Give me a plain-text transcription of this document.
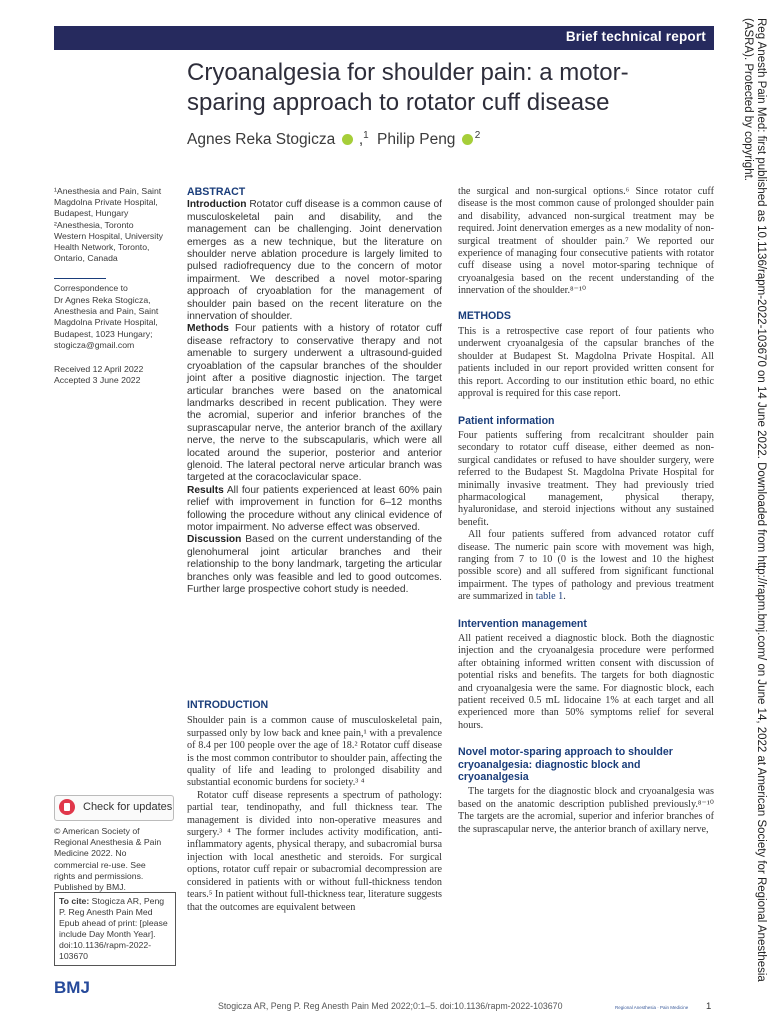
Brief technical report
Cryoanalgesia for shoulder pain: a motor-sparing approach to rotator cuff disease
Agnes Reka Stogicza  ,$^1$ Philip Peng $^2$	Reg Anesth Pain Med: first published as 10.1136/rapm-2022-103670 on 14 June 2022. Downloaded from http://rapm.bmj.com/ on June 14, 2022 at American Society for Regional Anesthesia (ASRA). Protected by copyright.
¹Anesthesia and Pain, Saint Magdolna Private Hospital, Budapest, Hungary
²Anesthesia, Toronto Western Hospital, University Health Network, Toronto, Ontario, Canada
Correspondence to
Dr Agnes Reka Stogicza, Anesthesia and Pain, Saint Magdolna Private Hospital, Budapest, 1023 Hungary; stogicza@gmail.com
Received 12 April 2022
Accepted 3 June 2022
Check for updates
© American Society of Regional Anesthesia & Pain Medicine 2022. No commercial re-use. See rights and permissions. Published by BMJ.
To cite: Stogicza AR, Peng P. Reg Anesth Pain Med Epub ahead of print: [please include Day Month Year]. doi:10.1136/rapm-2022-103670
ABSTRACT

Introduction Rotator cuff disease is a common cause of musculoskeletal pain and disability, and the management can be challenging. Joint denervation emerges as a new technique, but the literature on shoulder nerve ablation procedure is largely limited to pulsed radiofrequency due to the concern of motor impairment. We described a novel motor-sparing approach of cryoablation for the management of shoulder pain based on the recent literature on the innervation of shoulder.

Methods Four patients with a history of rotator cuff disease refractory to conservative therapy and not amenable to surgery underwent a ultrasound-guided cryoablation of the capsular branches of the shoulder joint after a positive diagnostic injection. The target articular branches were based on the anatomical landmarks described in recent publication. They were the acromial, superior and inferior branches of the suprascapular nerve, the anterior branch of the axillary nerve, the nerve to the subscapularis, which were all located around the superior, posterior and anterior glenoid. The lateral pectoral nerve articular branch was targeted at the coracoclavicular space.

Results All four patients experienced at least 60% pain relief with improvement in function for 6–12 months following the procedure without any clinical evidence of motor impairment. No adverse effect was observed.

Discussion Based on the current understanding of the glenohumeral joint articular branches and their relationship to the bony landmark, targeting the articular branches only was feasible and led to good outcomes. Further large prospective cohort study is needed.

INTRODUCTION

Shoulder pain is a common cause of musculoskeletal pain, surpassed only by low back and knee pain,¹ with a prevalence of 8.4 per 100 people over the age of 18.² Rotator cuff disease is the most common contributor to shoulder pain, affecting the quality of life and leading to prolonged disability and substantial economic burdens for society.³ ⁴

Rotator cuff disease represents a spectrum of pathology: partial tear, tendinopathy, and full thickness tear. The management is divided into non-operative measures and surgery.³ ⁴ The former includes activity modification, anti-inflammatory agents, physical therapy, and subacromial bursa injection with local anesthetic and steroids. For surgical options, rotator cuff repair or subacromial decompression are considered in patients with or without full-thickness tendon tears.⁵ In patient without full-thickness tear, literature suggests that the outcomes are equivalent between

the surgical and non-surgical options.⁶ Since rotator cuff disease is the most common cause of prolonged shoulder pain and disability, advanced non-surgical treatment may be required. Joint denervation emerges as a new modality of non-surgical treatment of shoulder pain.⁷ We reported our experience of managing four consecutive patients with rotator cuff disease using a novel motor-sparing technique of cryoanalgesia based on the recent understanding of the innervation of the shoulder.⁸⁻¹⁰

METHODS

This is a retrospective case report of four patients who underwent cryoanalgesia of the capsular branches of the shoulder at Budapest St. Magdolna Private Hospital. All patients included in our report provided written consent for this report. According to our institution ethic board, no ethic approval is required for this case report.

Patient information

Four patients suffering from recalcitrant shoulder pain secondary to rotator cuff disease, either deemed as non-surgical candidates or refused to have shoulder surgery, were referred to the Budapest St. Magdolna Private Hospital for minimally invasive treatment. They had previously tried pharmacological management, physical therapy, hyaluronidase, and steroid injections without any sustained benefit.

All four patients suffered from advanced rotator cuff disease. The numeric pain score with movement was high, ranging from 7 to 10 (0 is the lowest and 10 the highest possible score) and all suffered from significant functional impairment. The types of pathology and previous treatment are summarized in table 1.

Intervention management

All patient received a diagnostic block. Both the diagnostic injection and the cryoanalgesia procedure were performed after obtaining informed written consent with discussion of potential risks and benefits. The targets for both diagnostic and cryoanalgesia were the same. For diagnostic block, each patient received 0.5 mL lidocaine 1% at each target and all experienced more than 50% symptoms relief for several hours.

Novel motor-sparing approach to shoulder cryoanalgesia: diagnostic block and cryoanalgesia

The targets for the diagnostic block and cryoanalgesia was based on the anatomic description published previously.⁸⁻¹⁰ The targets are the acromial, superior and inferior branches of the suprascapular nerve, the anterior branch of axillary nerve,

BMJ
Stogicza AR, Peng P. Reg Anesth Pain Med 2022;0:1–5. doi:10.1136/rapm-2022-103670	Regional Anesthesia · Pain Medicine 1
